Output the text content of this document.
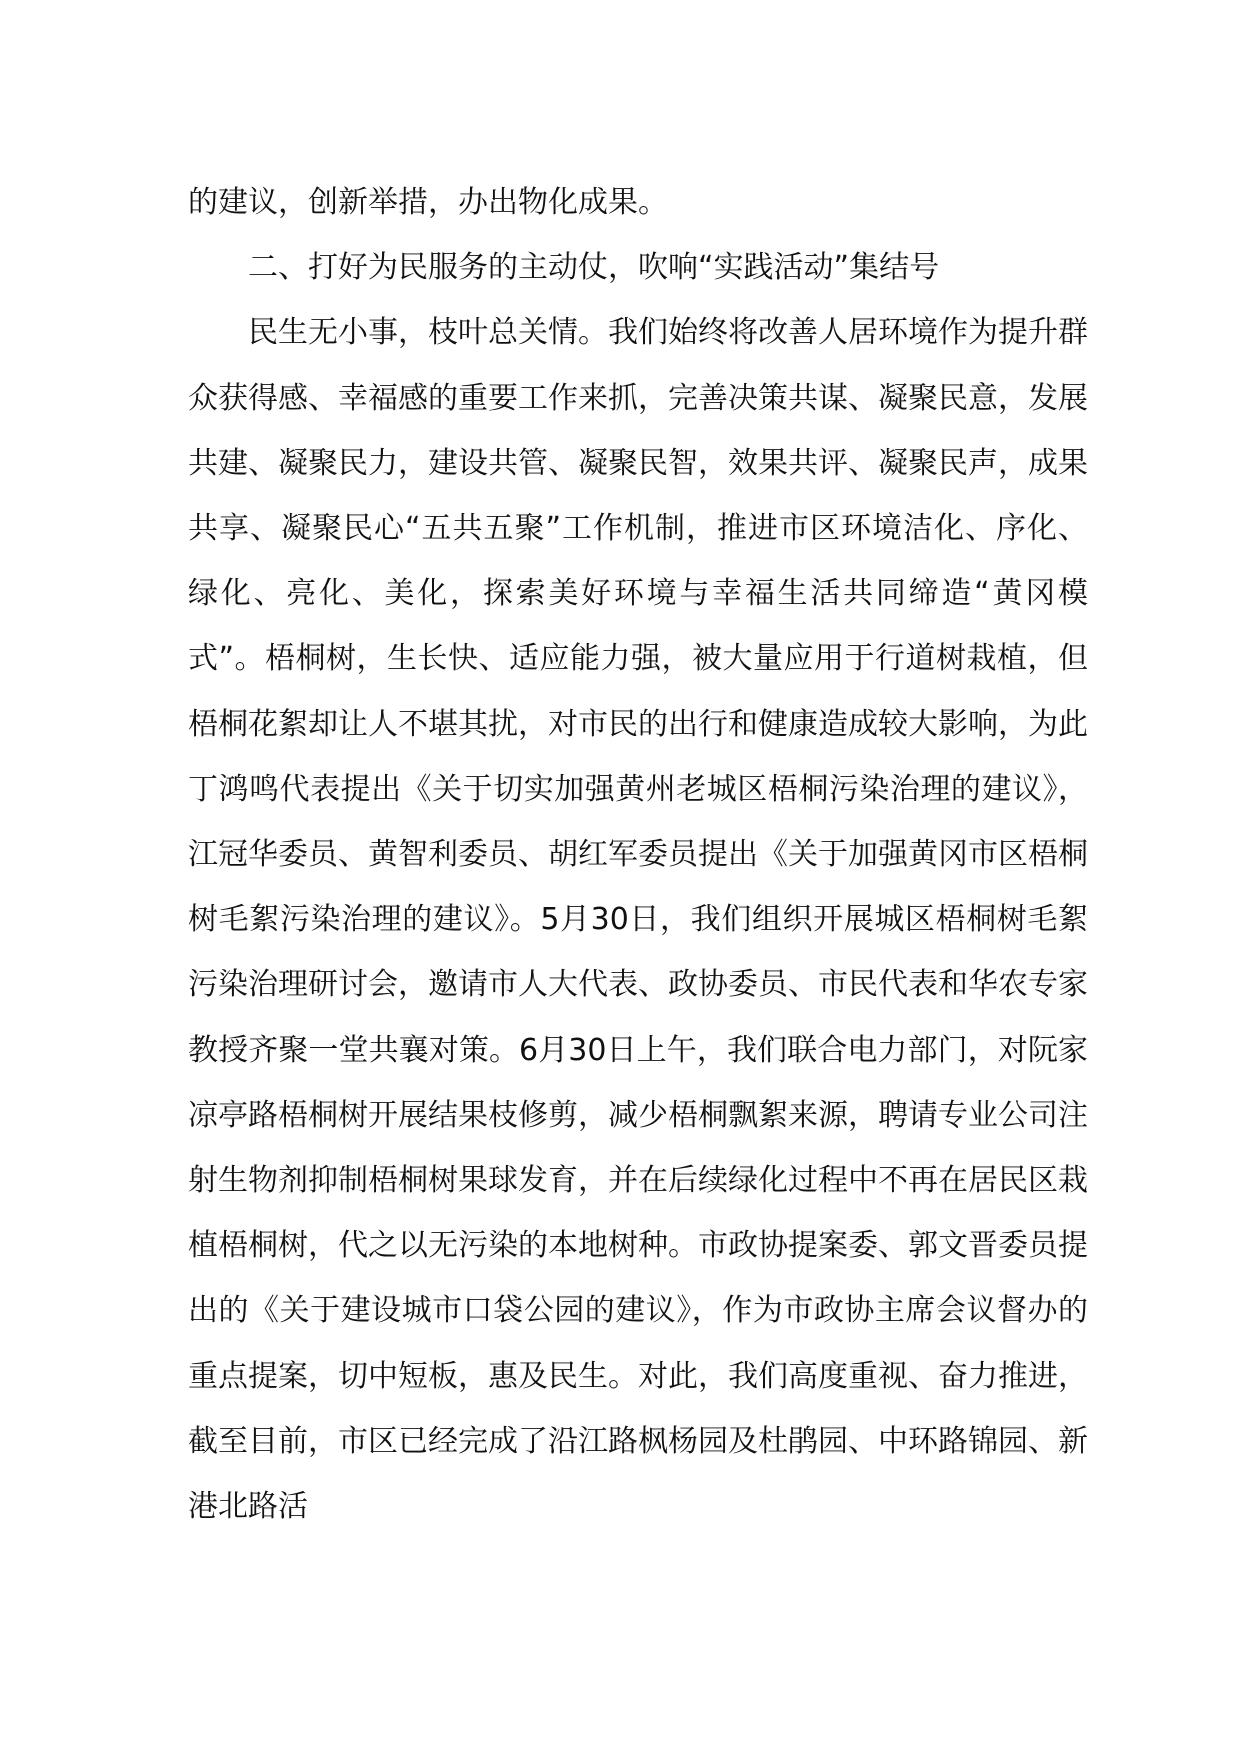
的建议，创新举措，办出物化成果。

二、打好为民服务的主动仗，吹响“实践活动”集结号

民生无小事，枝叶总关情。我们始终将改善人居环境作为提升群众获得感、幸福感的重要工作来抓，完善决策共谋、凝聚民意，发展共建、凝聚民力，建设共管、凝聚民智，效果共评、凝聚民声，成果共享、凝聚民心“五共五聚”工作机制，推进市区环境洁化、序化、绿化、亮化、美化，探索美好环境与幸福生活共同缔造“黄冈模式”。梧桐树，生长快、适应能力强，被大量应用于行道树栽植，但梧桐花絮却让人不堪其扰，对市民的出行和健康造成较大影响，为此丁鸿鸣代表提出《关于切实加强黄州老城区梧桐污染治理的建议》，江冠华委员、黄智利委员、胡红军委员提出《关于加强黄冈市区梧桐树毛絮污染治理的建议》。5月30日，我们组织开展城区梧桐树毛絮污染治理研讨会，邀请市人大代表、政协委员、市民代表和华农专家教授齐聚一堂共襄对策。6月30日上午，我们联合电力部门，对阮家凉亭路梧桐树开展结果枝修剪，减少梧桐飘絮来源，聘请专业公司注射生物剂抑制梧桐树果球发育，并在后续绿化过程中不再在居民区栽植梧桐树，代之以无污染的本地树种。市政协提案委、郭文晋委员提出的《关于建设城市口袋公园的建议》，作为市政协主席会议督办的重点提案，切中短板，惠及民生。对此，我们高度重视、奋力推进，截至目前，市区已经完成了沿江路枫杨园及杜鹃园、中环路锦园、新港北路活
